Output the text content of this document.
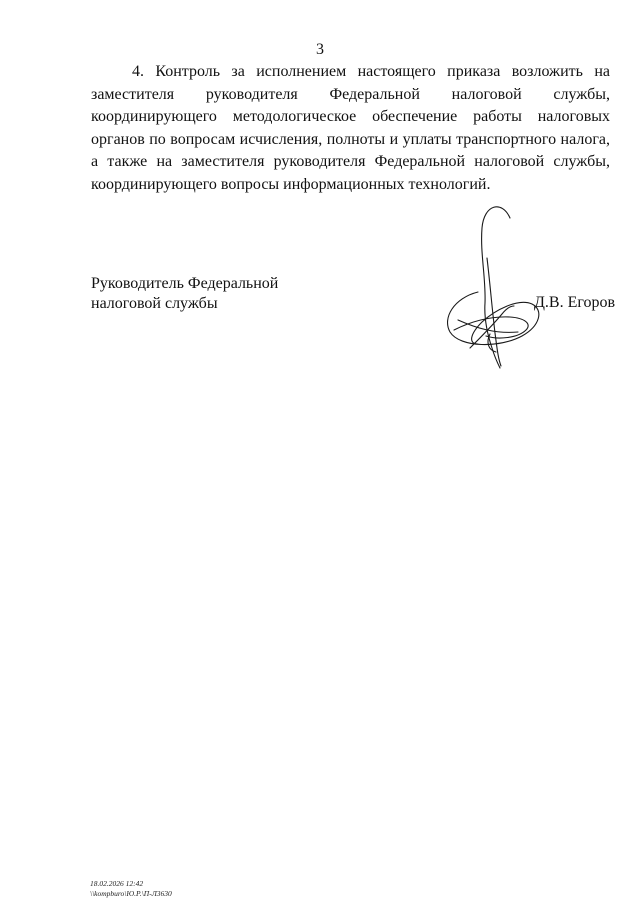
3

4. Контроль за исполнением настоящего приказа возложить на заместителя руководителя Федеральной налоговой службы, координирующего методологическое обеспечение работы налоговых органов по вопросам исчисления, полноты и уплаты транспортного налога, а также на заместителя руководителя Федеральной налоговой службы, координирующего вопросы информационных технологий.

Руководитель Федеральной
налоговой службы	Д.В. Егоров
18.02.2026 12:42
\\kompburo\Ю.Р.\П-Л3630
